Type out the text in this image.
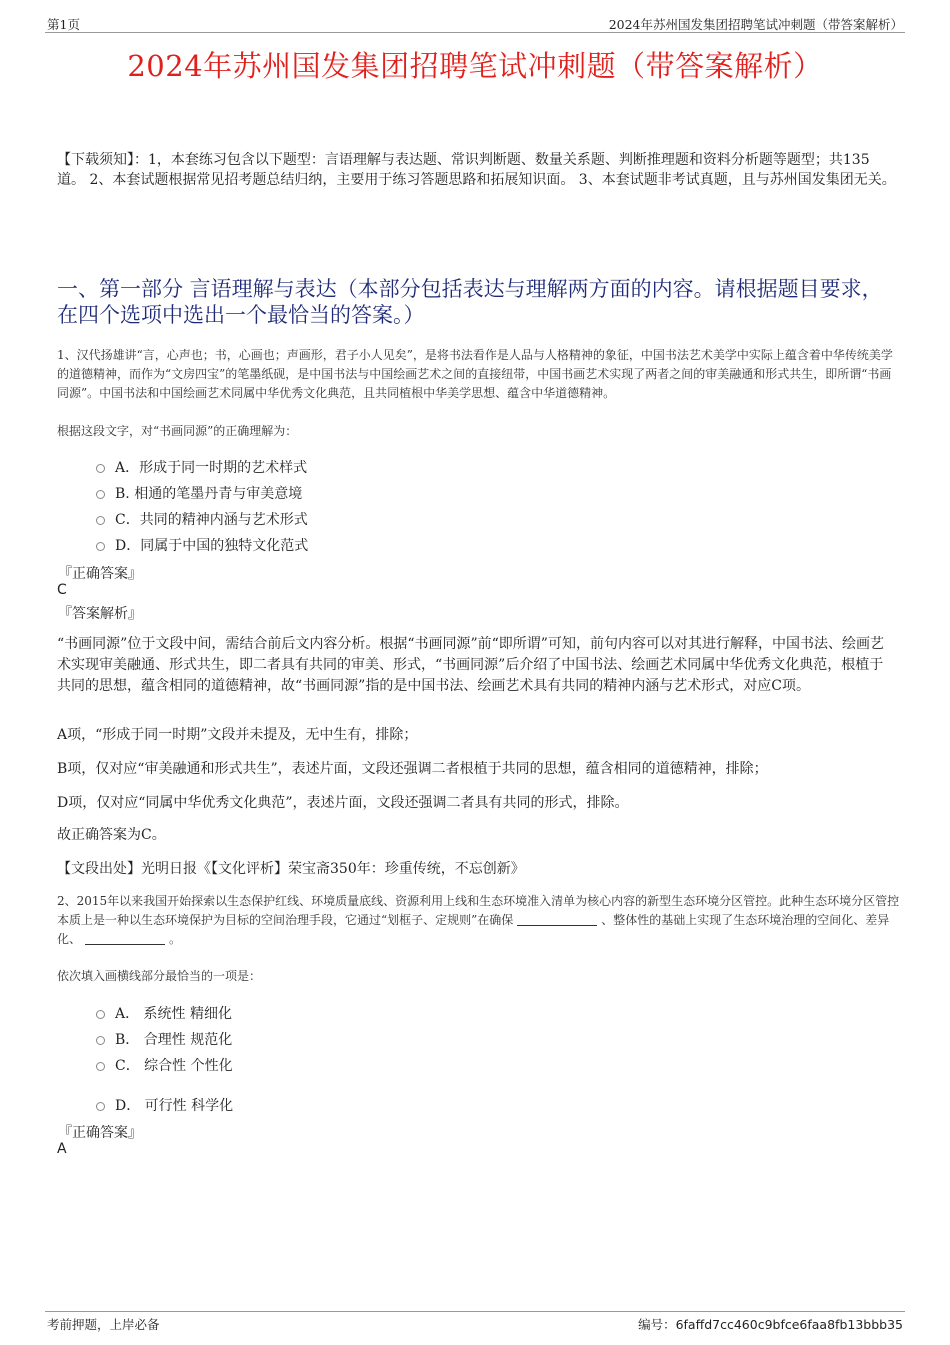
第1页	2024年苏州国发集团招聘笔试冲刺题（带答案解析）
2024年苏州国发集团招聘笔试冲刺题（带答案解析）
【下载须知】：1，本套练习包含以下题型：言语理解与表达题、常识判断题、数量关系题、判断推理题和资料分析题等题型；共135道。 2、本套试题根据常见招考题总结归纳，主要用于练习答题思路和拓展知识面。 3、本套试题非考试真题，且与苏州国发集团无关。
一、第一部分 言语理解与表达（本部分包括表达与理解两方面的内容。请根据题目要求，在四个选项中选出一个最恰当的答案。）
1、汉代扬雄讲“言，心声也；书，心画也；声画形，君子小人见矣”，是将书法看作是人品与人格精神的象征，中国书法艺术美学中实际上蕴含着中华传统美学的道德精神，而作为“文房四宝”的笔墨纸砚，是中国书法与中国绘画艺术之间的直接纽带，中国书画艺术实现了两者之间的审美融通和形式共生，即所谓“书画同源”。中国书法和中国绘画艺术同属中华优秀文化典范，且共同植根中华美学思想、蕴含中华道德精神。
根据这段文字，对“书画同源”的正确理解为：
A．形成于同一时期的艺术样式
B. 相通的笔墨丹青与审美意境
C．共同的精神内涵与艺术形式
D．同属于中国的独特文化范式
『正确答案』
C
『答案解析』
“书画同源”位于文段中间，需结合前后文内容分析。根据“书画同源”前“即所谓”可知，前句内容可以对其进行解释，中国书法、绘画艺术实现审美融通、形式共生，即二者具有共同的审美、形式，“书画同源”后介绍了中国书法、绘画艺术同属中华优秀文化典范，根植于共同的思想，蕴含相同的道德精神，故“书画同源”指的是中国书法、绘画艺术具有共同的精神内涵与艺术形式，对应C项。
A项，“形成于同一时期”文段并未提及，无中生有，排除；
B项，仅对应“审美融通和形式共生”，表述片面，文段还强调二者根植于共同的思想，蕴含相同的道德精神，排除；
D项，仅对应“同属中华优秀文化典范”，表述片面，文段还强调二者具有共同的形式，排除。
故正确答案为C。
【文段出处】光明日报《【文化评析】荣宝斋350年：珍重传统，不忘创新》
2、2015年以来我国开始探索以生态保护红线、环境质量底线、资源利用上线和生态环境准入清单为核心内容的新型生态环境分区管控。此种生态环境分区管控本质上是一种以生态环境保护为目标的空间治理手段，它通过“划框子、定规则”在确保	、整体性的基础上实现了生态环境治理的空间化、差异化、	。
依次填入画横线部分最恰当的一项是：
A． 系统性 精细化
B． 合理性 规范化
C． 综合性 个性化
D． 可行性 科学化
『正确答案』
A
考前押题，上岸必备	编号：6faffd7cc460c9bfce6faa8fb13bbb35
